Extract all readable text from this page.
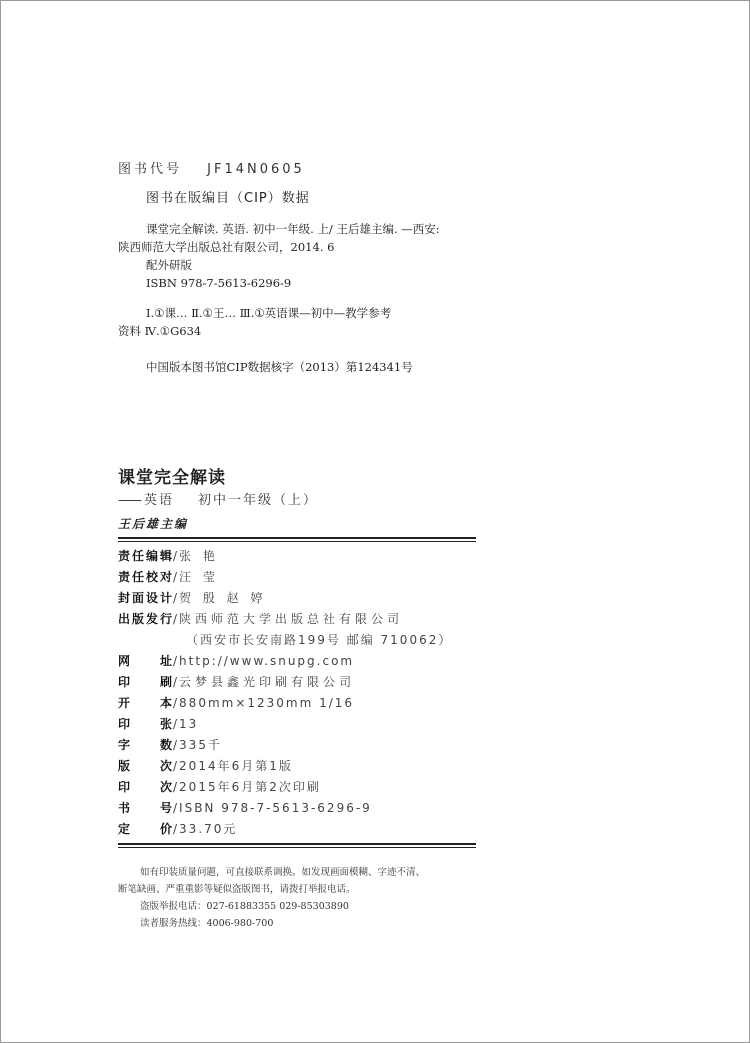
图书代号 JF14N0605
图书在版编目（CIP）数据
课堂完全解读. 英语. 初中一年级. 上/ 王后雄主编. —西安:
陕西师范大学出版总社有限公司，2014. 6
配外研版
ISBN 978-7-5613-6296-9
Ⅰ.①课… Ⅱ.①王… Ⅲ.①英语课—初中—教学参考
资料 Ⅳ.①G634
中国版本图书馆CIP数据核字（2013）第124341号
课堂完全解读
—— 英语 初中一年级（上）
王后雄主编
责任编辑/ 张 艳
责任校对/ 汪 莹
封面设计/ 贺 殷 赵 婷
出版发行/ 陕西师范大学出版总社有限公司
（西安市长安南路199号 邮编 710062）
网址/ http://www.snupg.com
印刷/ 云梦县鑫光印刷有限公司
开本/ 880mm×1230mm 1/16
印张/ 13
字数/ 335千
版次/ 2014年6月第1版
印次/ 2015年6月第2次印刷
书号/ ISBN 978-7-5613-6296-9
定价/ 33.70元
如有印装质量问题，可直接联系调换。如发现画面模糊、字迹不清、
断笔缺画、严重重影等疑似盗版图书，请拨打举报电话。
盗版举报电话：027-61883355 029-85303890
读者服务热线：4006-980-700
